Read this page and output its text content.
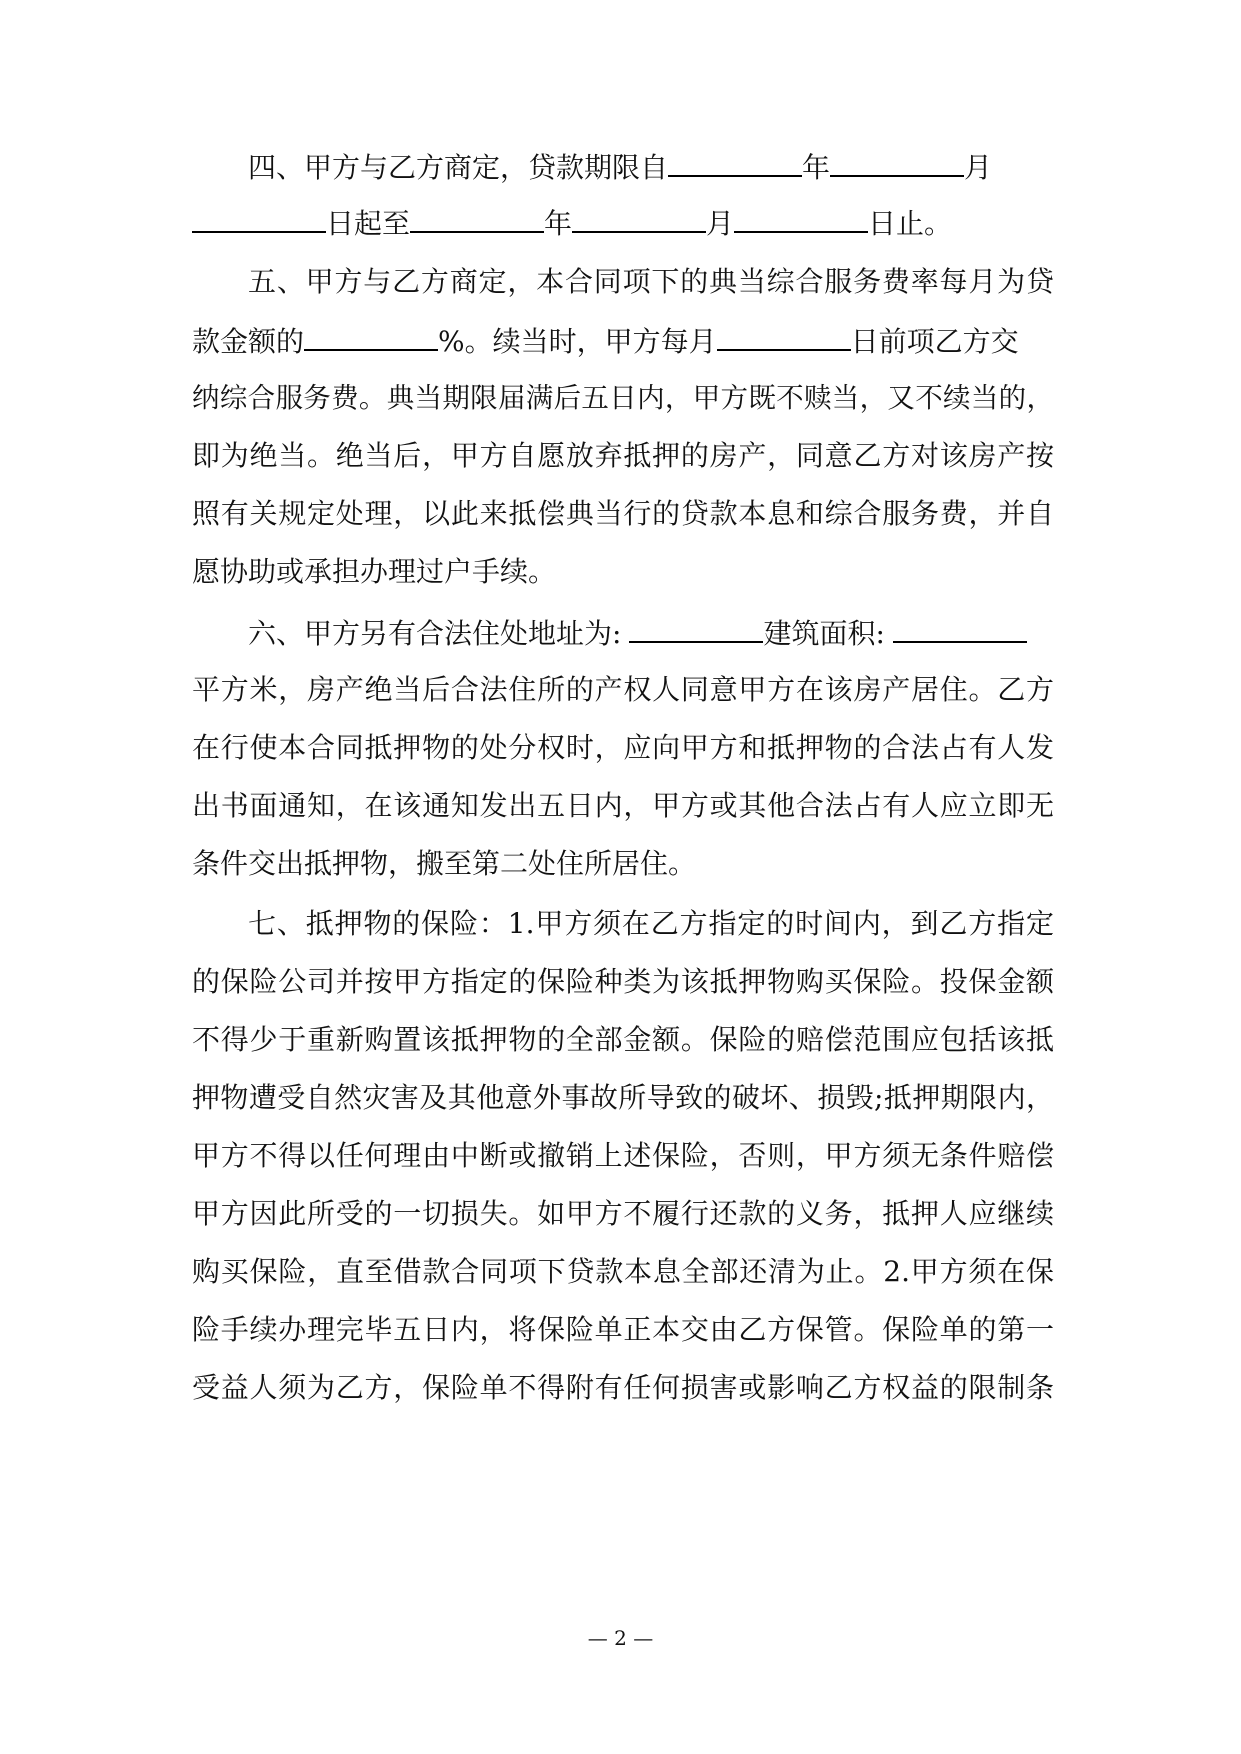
四、甲方与乙方商定，贷款期限自	年	月
日起至	年	月	日止。
五、甲方与乙方商定，本合同项下的典当综合服务费率每月为贷
款金额的	%。续当时，甲方每月	日前项乙方交
纳综合服务费。典当期限届满后五日内，甲方既不赎当，又不续当的，
即为绝当。绝当后，甲方自愿放弃抵押的房产，同意乙方对该房产按
照有关规定处理，以此来抵偿典当行的贷款本息和综合服务费，并自
愿协助或承担办理过户手续。
六、甲方另有合法住处地址为:	建筑面积:
平方米，房产绝当后合法住所的产权人同意甲方在该房产居住。乙方
在行使本合同抵押物的处分权时，应向甲方和抵押物的合法占有人发
出书面通知，在该通知发出五日内，甲方或其他合法占有人应立即无
条件交出抵押物，搬至第二处住所居住。
七、抵押物的保险：1.甲方须在乙方指定的时间内，到乙方指定
的保险公司并按甲方指定的保险种类为该抵押物购买保险。投保金额
不得少于重新购置该抵押物的全部金额。保险的赔偿范围应包括该抵
押物遭受自然灾害及其他意外事故所导致的破坏、损毁;抵押期限内，
甲方不得以任何理由中断或撤销上述保险，否则，甲方须无条件赔偿
甲方因此所受的一切损失。如甲方不履行还款的义务，抵押人应继续
购买保险，直至借款合同项下贷款本息全部还清为止。2.甲方须在保
险手续办理完毕五日内，将保险单正本交由乙方保管。保险单的第一
受益人须为乙方，保险单不得附有任何损害或影响乙方权益的限制条
— 2 —
